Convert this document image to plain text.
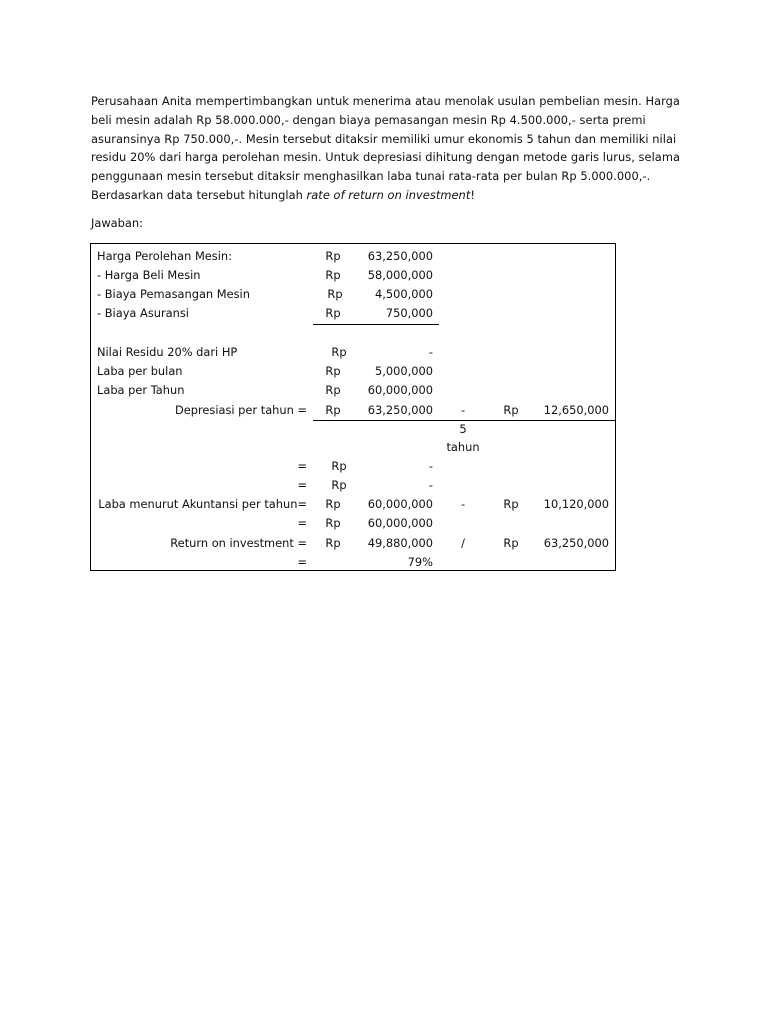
Perusahaan Anita mempertimbangkan untuk menerima atau menolak usulan pembelian mesin. Harga
beli mesin adalah Rp 58.000.000,- dengan biaya pemasangan mesin Rp 4.500.000,- serta premi
asuransinya Rp 750.000,-. Mesin tersebut ditaksir memiliki umur ekonomis 5 tahun dan memiliki nilai
residu 20% dari harga perolehan mesin. Untuk depresiasi dihitung dengan metode garis lurus, selama
penggunaan mesin tersebut ditaksir menghasilkan laba tunai rata-rata per bulan Rp 5.000.000,-.
Berdasarkan data tersebut hitunglah rate of return on investment!
Jawaban:
Harga Perolehan Mesin:	Rp	63,250,000
- Harga Beli Mesin	Rp	58,000,000
- Biaya Pemasangan Mesin	Rp	4,500,000
- Biaya Asuransi	Rp	750,000
Nilai Residu 20% dari HP	Rp	-
Laba per bulan	Rp	5,000,000
Laba per Tahun	Rp	60,000,000
Depresiasi per tahun =	Rp	63,250,000	-	Rp	12,650,000
5
tahun
=	Rp	-
=	Rp	-
Laba menurut Akuntansi per tahun=	Rp	60,000,000	-	Rp	10,120,000
=	Rp	60,000,000
Return on investment =	Rp	49,880,000	/	Rp	63,250,000
=	79%
